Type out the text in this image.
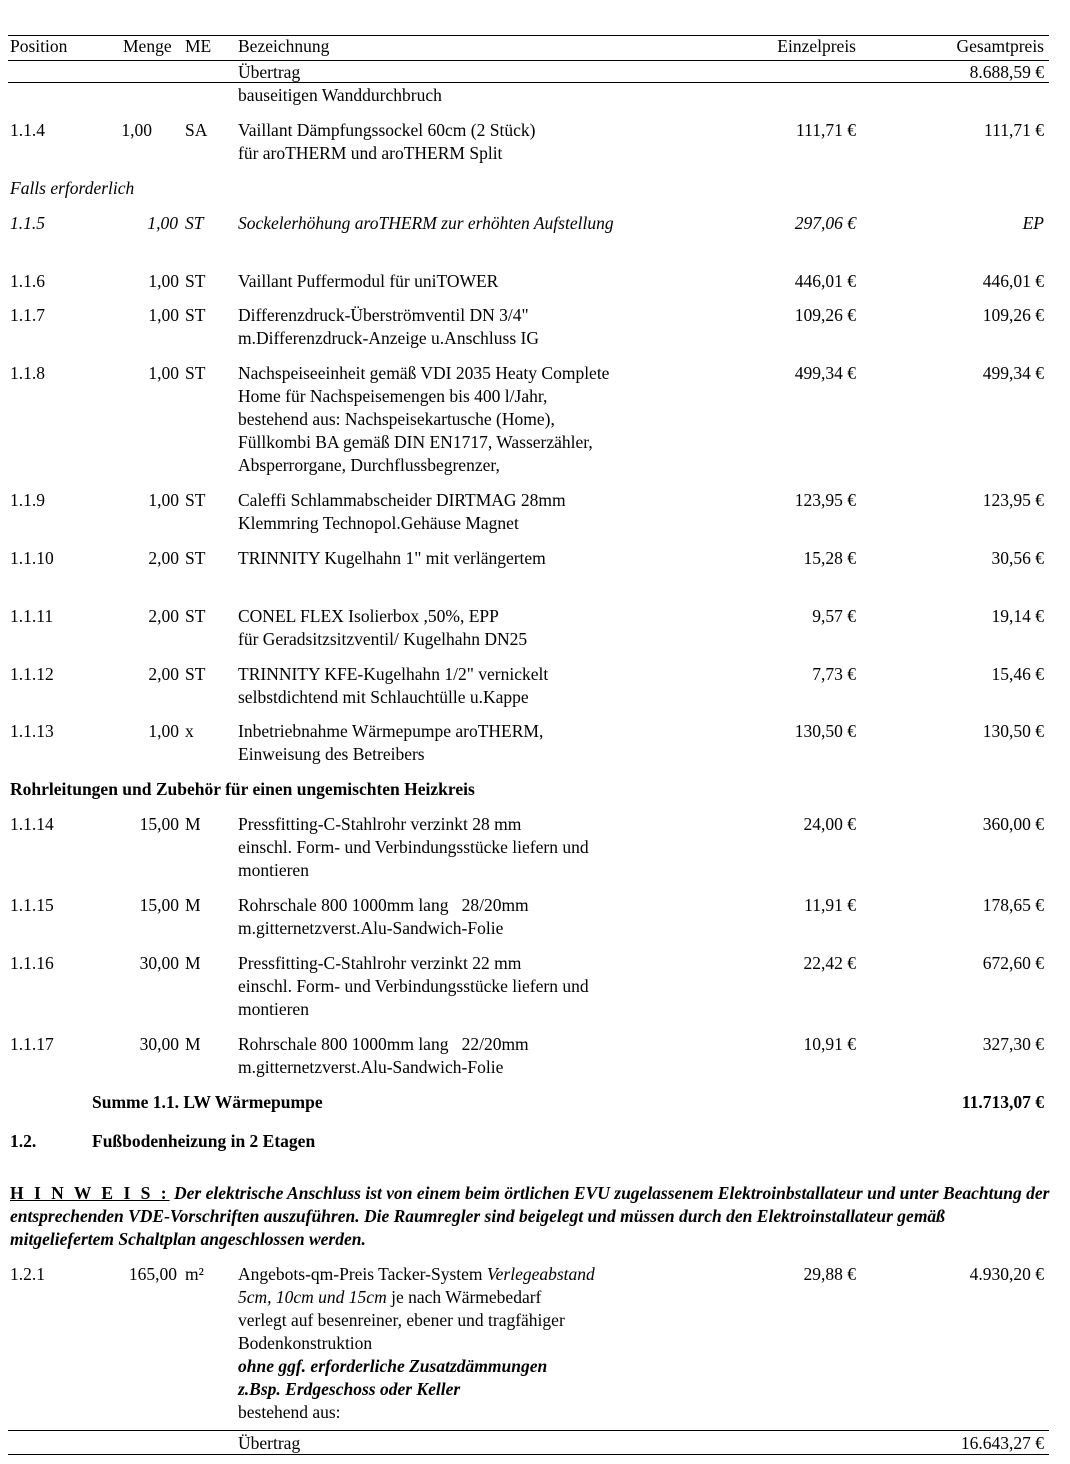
Position	Menge ME Bezeichnung	Einzelpreis	Gesamtpreis
Übertrag	8.688,59 €
bauseitigen Wanddurchbruch
1.1.4	1,00 SA Vaillant Dämpfungssockel 60cm (2 Stück)
für aroTHERM und aroTHERM Split
111,71 €	111,71 €
Falls erforderlich
1.1.5	1,00 ST Sockelerhöhung aroTHERM zur erhöhten Aufstellung	297,06 €	EP
1.1.6	1,00 ST Vaillant Puffermodul für uniTOWER	446,01 €	446,01 €
1.1.7	1,00 ST Differenzdruck-Überströmventil DN 3/4"
m.Differenzdruck-Anzeige u.Anschluss IG
109,26 €	109,26 €
1.1.8	1,00 ST Nachspeiseeinheit gemäß VDI 2035 Heaty Complete
Home für Nachspeisemengen bis 400 l/Jahr,
bestehend aus: Nachspeisekartusche (Home),
Füllkombi BA gemäß DIN EN1717, Wasserzähler,
Absperrorgane, Durchflussbegrenzer,
499,34 €	499,34 €
1.1.9	1,00 ST Caleffi Schlammabscheider DIRTMAG 28mm
Klemmring Technopol.Gehäuse Magnet
123,95 €	123,95 €
1.1.10	2,00 ST TRINNITY Kugelhahn 1" mit verlängertem	15,28 €	30,56 €
1.1.11	2,00 ST CONEL FLEX Isolierbox ,50%, EPP
für Geradsitzsitzventil/ Kugelhahn DN25
9,57 €	19,14 €
1.1.12	2,00 ST TRINNITY KFE-Kugelhahn 1/2" vernickelt
selbstdichtend mit Schlauchtülle u.Kappe
7,73 €	15,46 €
1.1.13	1,00 x	Inbetriebnahme Wärmepumpe aroTHERM,
Einweisung des Betreibers
130,50 €	130,50 €
Rohrleitungen und Zubehör für einen ungemischten Heizkreis
1.1.14	15,00 M Pressfitting-C-Stahlrohr verzinkt 28 mm
einschl. Form- und Verbindungsstücke liefern und
montieren
24,00 €	360,00 €
1.1.15	15,00 M Rohrschale 800 1000mm lang   28/20mm
m.gitternetzverst.Alu-Sandwich-Folie
11,91 €	178,65 €
1.1.16	30,00 M Pressfitting-C-Stahlrohr verzinkt 22 mm
einschl. Form- und Verbindungsstücke liefern und
montieren
22,42 €	672,60 €
1.1.17	30,00 M Rohrschale 800 1000mm lang   22/20mm
m.gitternetzverst.Alu-Sandwich-Folie
10,91 €	327,30 €
Summe 1.1. LW Wärmepumpe	11.713,07 €
1.2.	Fußbodenheizung in 2 Etagen
H I N W E I S : Der elektrische Anschluss ist von einem beim örtlichen EVU zugelassenem Elektroinbstallateur und unter Beachtung der entsprechenden VDE-Vorschriften auszuführen. Die Raumregler sind beigelegt und müssen durch den Elektroinstallateur gemäß mitgeliefertem Schaltplan angeschlossen werden.
1.2.1	165,00 m² Angebots-qm-Preis Tacker-System Verlegeabstand
5cm, 10cm und 15cm je nach Wärmebedarf
verlegt auf besenreiner, ebener und tragfähiger
Bodenkonstruktion
ohne ggf. erforderliche Zusatzdämmungen
z.Bsp. Erdgeschoss oder Keller
bestehend aus:
29,88 €	4.930,20 €
Übertrag	16.643,27 €
